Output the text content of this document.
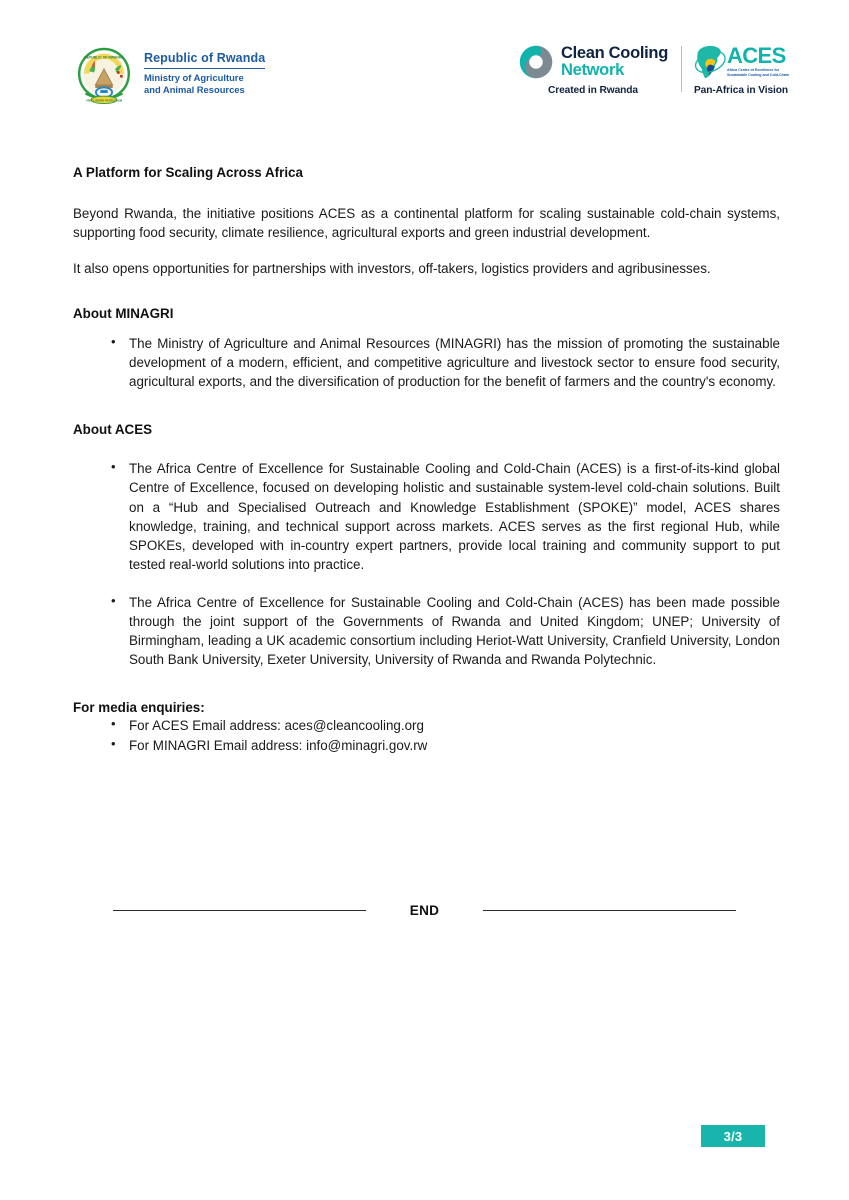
REPUBLIC OF RWANDA
UNITY WORK PATRIOTISM
Republic of Rwanda
Ministry of Agriculture
and Animal Resources
Clean Cooling
Network
Created in Rwanda
ACES
Africa Centre of Excellence for
Sustainable Cooling and Cold-Chain
Pan-Africa in Vision
A Platform for Scaling Across Africa

Beyond Rwanda, the initiative positions ACES as a continental platform for scaling sustainable cold-chain systems, supporting food security, climate resilience, agricultural exports and green industrial development.

It also opens opportunities for partnerships with investors, off-takers, logistics providers and agribusinesses.

About MINAGRI
• The Ministry of Agriculture and Animal Resources (MINAGRI) has the mission of promoting the sustainable development of a modern, efficient, and competitive agriculture and livestock sector to ensure food security, agricultural exports, and the diversification of production for the benefit of farmers and the country's economy.
About ACES
• The Africa Centre of Excellence for Sustainable Cooling and Cold-Chain (ACES) is a first-of-its-kind global Centre of Excellence, focused on developing holistic and sustainable system-level cold-chain solutions. Built on a “Hub and Specialised Outreach and Knowledge Establishment (SPOKE)” model, ACES shares knowledge, training, and technical support across markets. ACES serves as the first regional Hub, while SPOKEs, developed with in-country expert partners, provide local training and community support to put tested real-world solutions into practice.
• The Africa Centre of Excellence for Sustainable Cooling and Cold-Chain (ACES) has been made possible through the joint support of the Governments of Rwanda and United Kingdom; UNEP; University of Birmingham, leading a UK academic consortium including Heriot-Watt University, Cranfield University, London South Bank University, Exeter University, University of Rwanda and Rwanda Polytechnic.
For media enquiries:
• For ACES Email address: aces@cleancooling.org
• For MINAGRI Email address: info@minagri.gov.rw
END
3/3
